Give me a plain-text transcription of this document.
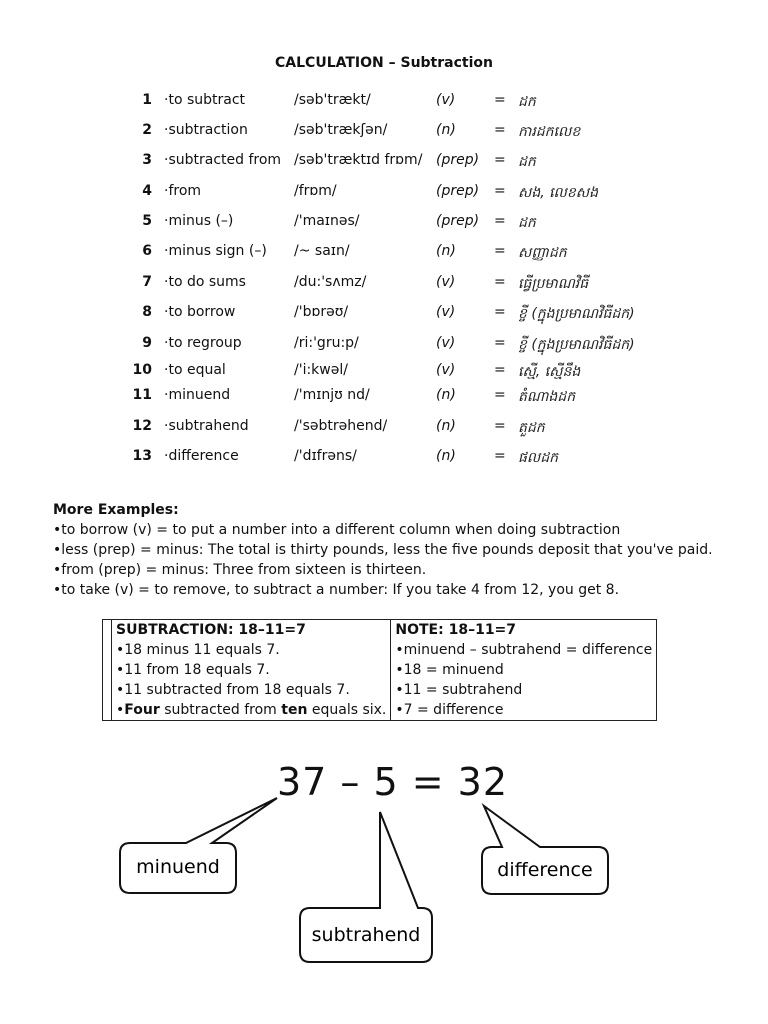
CALCULATION – Subtraction
1 ·to subtract	/səb'trækt/	(v)	= ដក
2 ·subtraction	/səb'trækʃən/	(n)	= ការដកលេខ
3 ·subtracted from /səb'træktɪd frɒm/ (prep) = ដក
4 ·from	/frɒm/	(prep) = សង, លេខសង
5 ·minus (–)	/'maɪnəs/	(prep) = ដក
6 ·minus sign (–) /~ saɪn/	(n)	= សញ្ញាដក
7 ·to do sums	/du:'sʌmz/	(v)	= ធ្វើប្រមាណវិធី
8 ·to borrow	/'bɒrəʊ/	(v)	= ខ្ចី (ក្នុងប្រមាណវិធីដក)
9 ·to regroup	/ri:'gru:p/	(v)	= ខ្ចី (ក្នុងប្រមាណវិធីដក)
10 ·to equal	/'i:kwəl/	(v)	= ស្មើ, ស្មើនឹង
11 ·minuend	/'mɪnjʊ nd/	(n)	= តំណាងដក
12 ·subtrahend	/'səbtrəhend/	(n)	= តួដក
13 ·difference	/'dɪfrəns/	(n)	= ផលដក
More Examples:
•to borrow (v) = to put a number into a different column when doing subtraction
•less (prep) = minus: The total is thirty pounds, less the five pounds deposit that you've paid.
•from (prep) = minus: Three from sixteen is thirteen.
•to take (v) = to remove, to subtract a number: If you take 4 from 12, you get 8.

SUBTRACTION: 18–11=7
•18 minus 11 equals 7.
•11 from 18 equals 7.
•11 subtracted from 18 equals 7.
•Four subtracted from ten equals six.

NOTE: 18–11=7
•minuend – subtrahend = difference
•18 = minuend
•11 = subtrahend
•7 = difference
37 – 5 = 32
minuend
subtrahend
difference
